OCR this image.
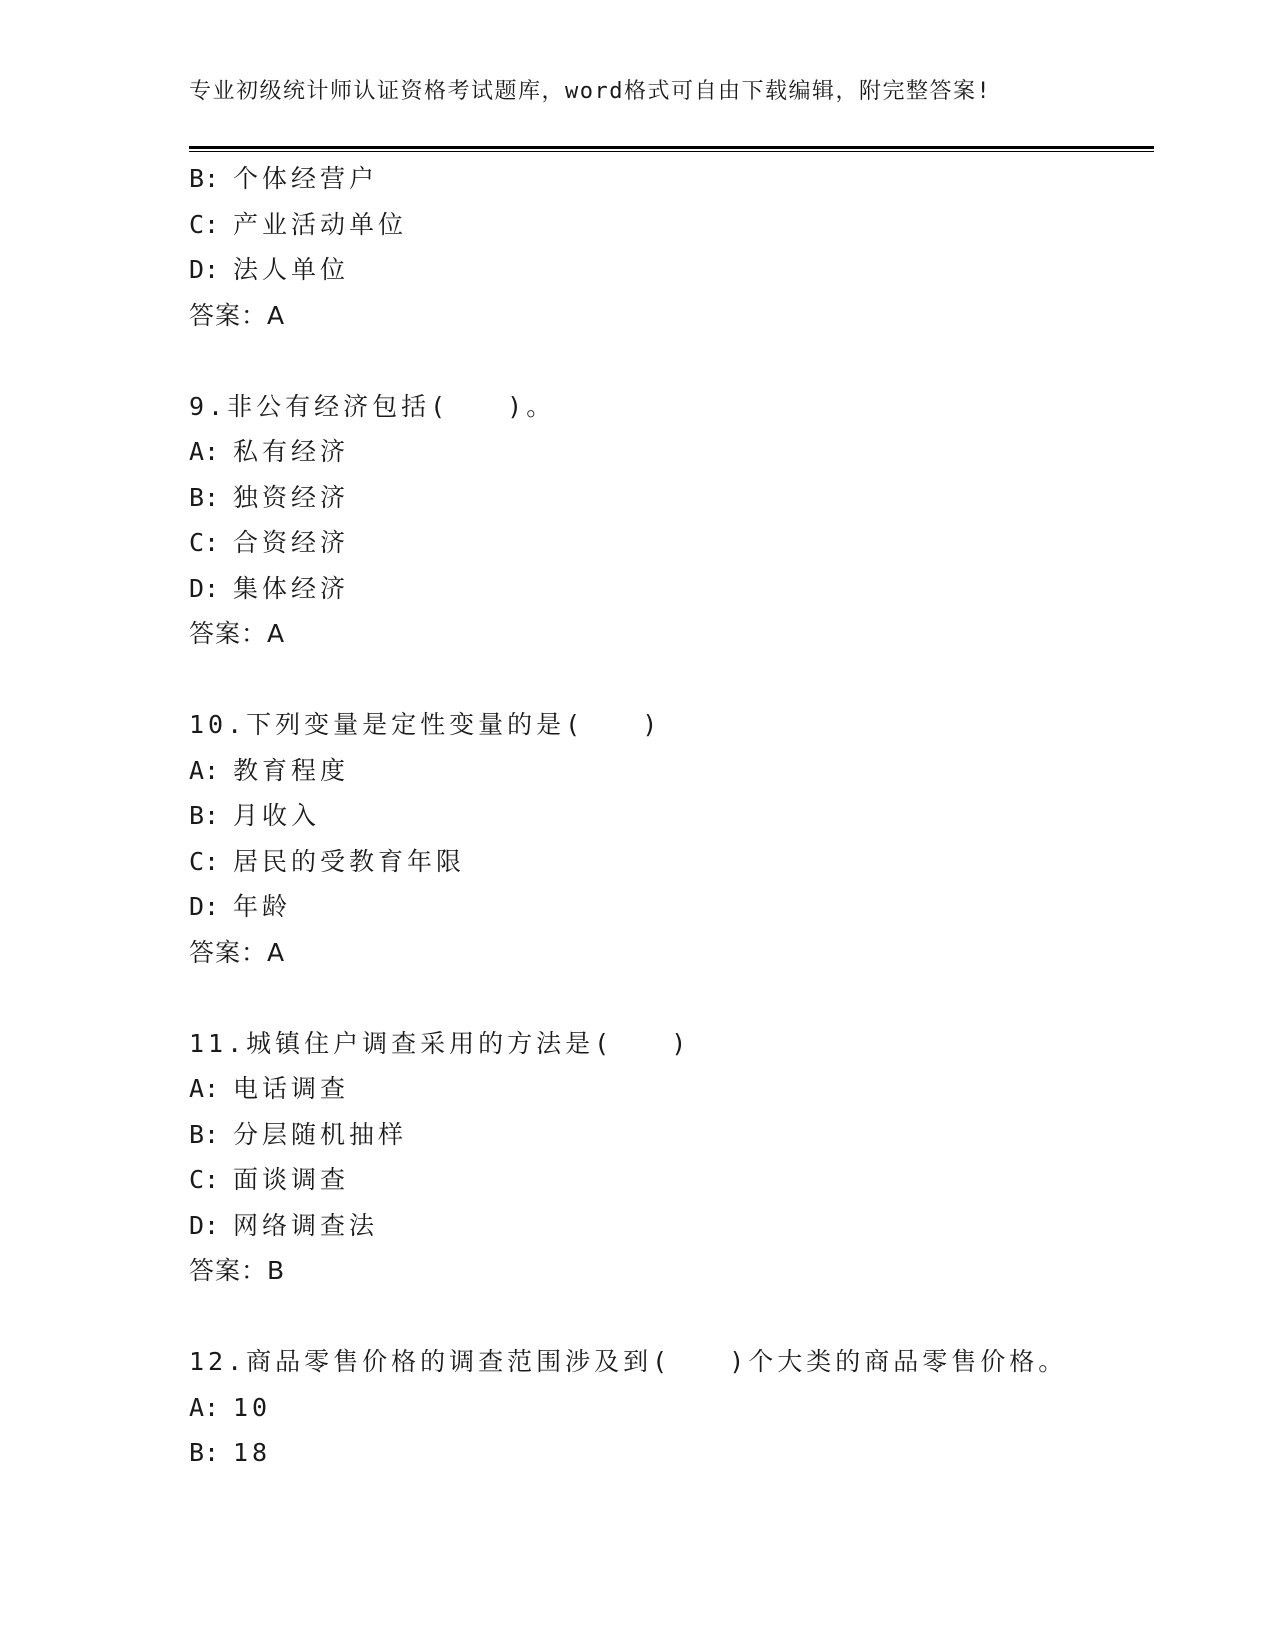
专业初级统计师认证资格考试题库，word格式可自由下载编辑，附完整答案!
B: 个体经营户
C: 产业活动单位
D: 法人单位
答案：A
9.非公有经济包括(　　)。
A: 私有经济
B: 独资经济
C: 合资经济
D: 集体经济
答案：A
10.下列变量是定性变量的是(　　)
A: 教育程度
B: 月收入
C: 居民的受教育年限
D: 年龄
答案：A
11.城镇住户调查采用的方法是(　　)
A: 电话调查
B: 分层随机抽样
C: 面谈调查
D: 网络调查法
答案：B
12.商品零售价格的调查范围涉及到(　　)个大类的商品零售价格。
A: 10
B: 18
